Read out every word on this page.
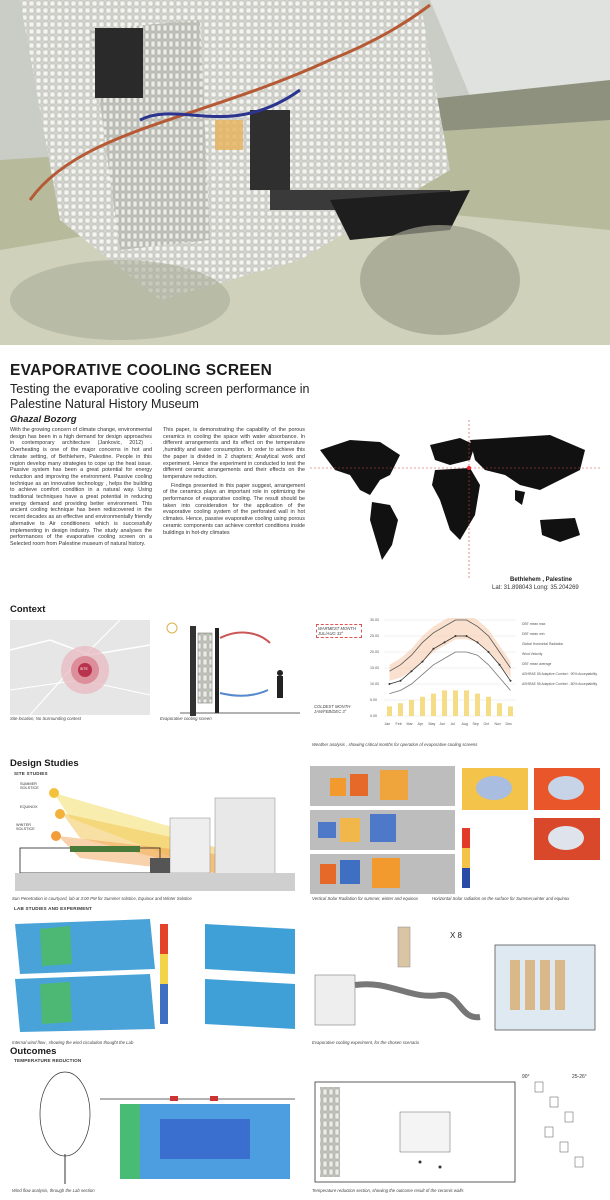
EVAPORATIVE COOLING SCREEN
Testing the evaporative cooling screen performance in Palestine Natural History Museum
Ghazal Bozorg
With the growing concern of climate change, environmental design has been in a high demand for design approaches in contemporary architecture (Jankovic, 2012) . Overheating is one of the major concerns in hot and climate setting, of Bethlehem, Palestine. People in this region develop many strategies to cope up the heat issue. Passive system has been a great potential for energy reduction and improving the environment. Passive cooling technique as an innovative technology , helps the building to achieve comfort condition in a natural way. Using traditional techniques have a great potential in reducing energy demand and providing better environment. This ancient cooling technique has been rediscovered in the recent decades as an effective and environmentally friendly alternative to Air conditioners which is successfully implementing in design industry. The study analyses the performances of the evaporative cooling screen on a Selected room from Palestine museum of natural history.
This paper, is demonstrating the capability of the porous ceramics in cooling the space with water absorbance. In different arrangements and its effect on the temperature ,humidity and water consumption. In order to achieve this the paper is divided in 2 chapters; Analytical work and experiment. Hence the experiment in conducted to test the different ceramic arrangements and their effects on the temperature reduction.
Findings presented in this paper suggest, arrangement of the ceramics plays an important role in optimizing the performance of evaporative cooling. The result should be taken into consideration for the application of the evaporative cooling system of the perforated wall in hot climates. Hence, passive evaporative cooling using porous ceramic components can achieve comfort conditions inside buildings in hot-dry climates
Bethlehem , Palestine
Lat: 31.898043 Long: 35.204269
Context
SITE
Site location, No Surrounding context	Evaporative cooling screen
WARMEST MONTH JUL/AUG 33°
COLDEST MONTH JAN/FEB/DEC 3°
30.00
25.00
20.00
15.00
10.00
5.00
0.00
Jan Feb Mar Apr May Jun Jul Aug Sep Oct Nov Dec
DBT mean max
DBT mean min
Global Horizontal Radiation
Wind Velocity
DBT mean average
ASHRAE 55 Adaptive Comfort - 90% Acceptability
ASHRAE 55 Adaptive Comfort - 80% Acceptability
Weather analysis , showing critical months for operation of evaporative cooling screens
Design Studies
SITE STUDIES
SUMMER SOLSTICE
EQUINOX
WINTER SOLSTICE
Sun Penetration in courtyard, lab at 3:00 PM for Summer solstice, Equinox and Winter Solstice	Vertical Solar Radiation for summer, winter and equinox	Horizontal Solar radiation on the surface for Summer,winter and equinox
LAB STUDIES AND EXPERIMENT
Internal wind flow , showing the wind circulation thought the Lab
X 8
Evaporative cooling experiment, for the chosen scenario
Outcomes
TEMPERATURE REDUCTION
Wind flow analysis, through the Lab section
90°	25-26°
Temperature reduction section, showing the outcome result of the ceramic walls
